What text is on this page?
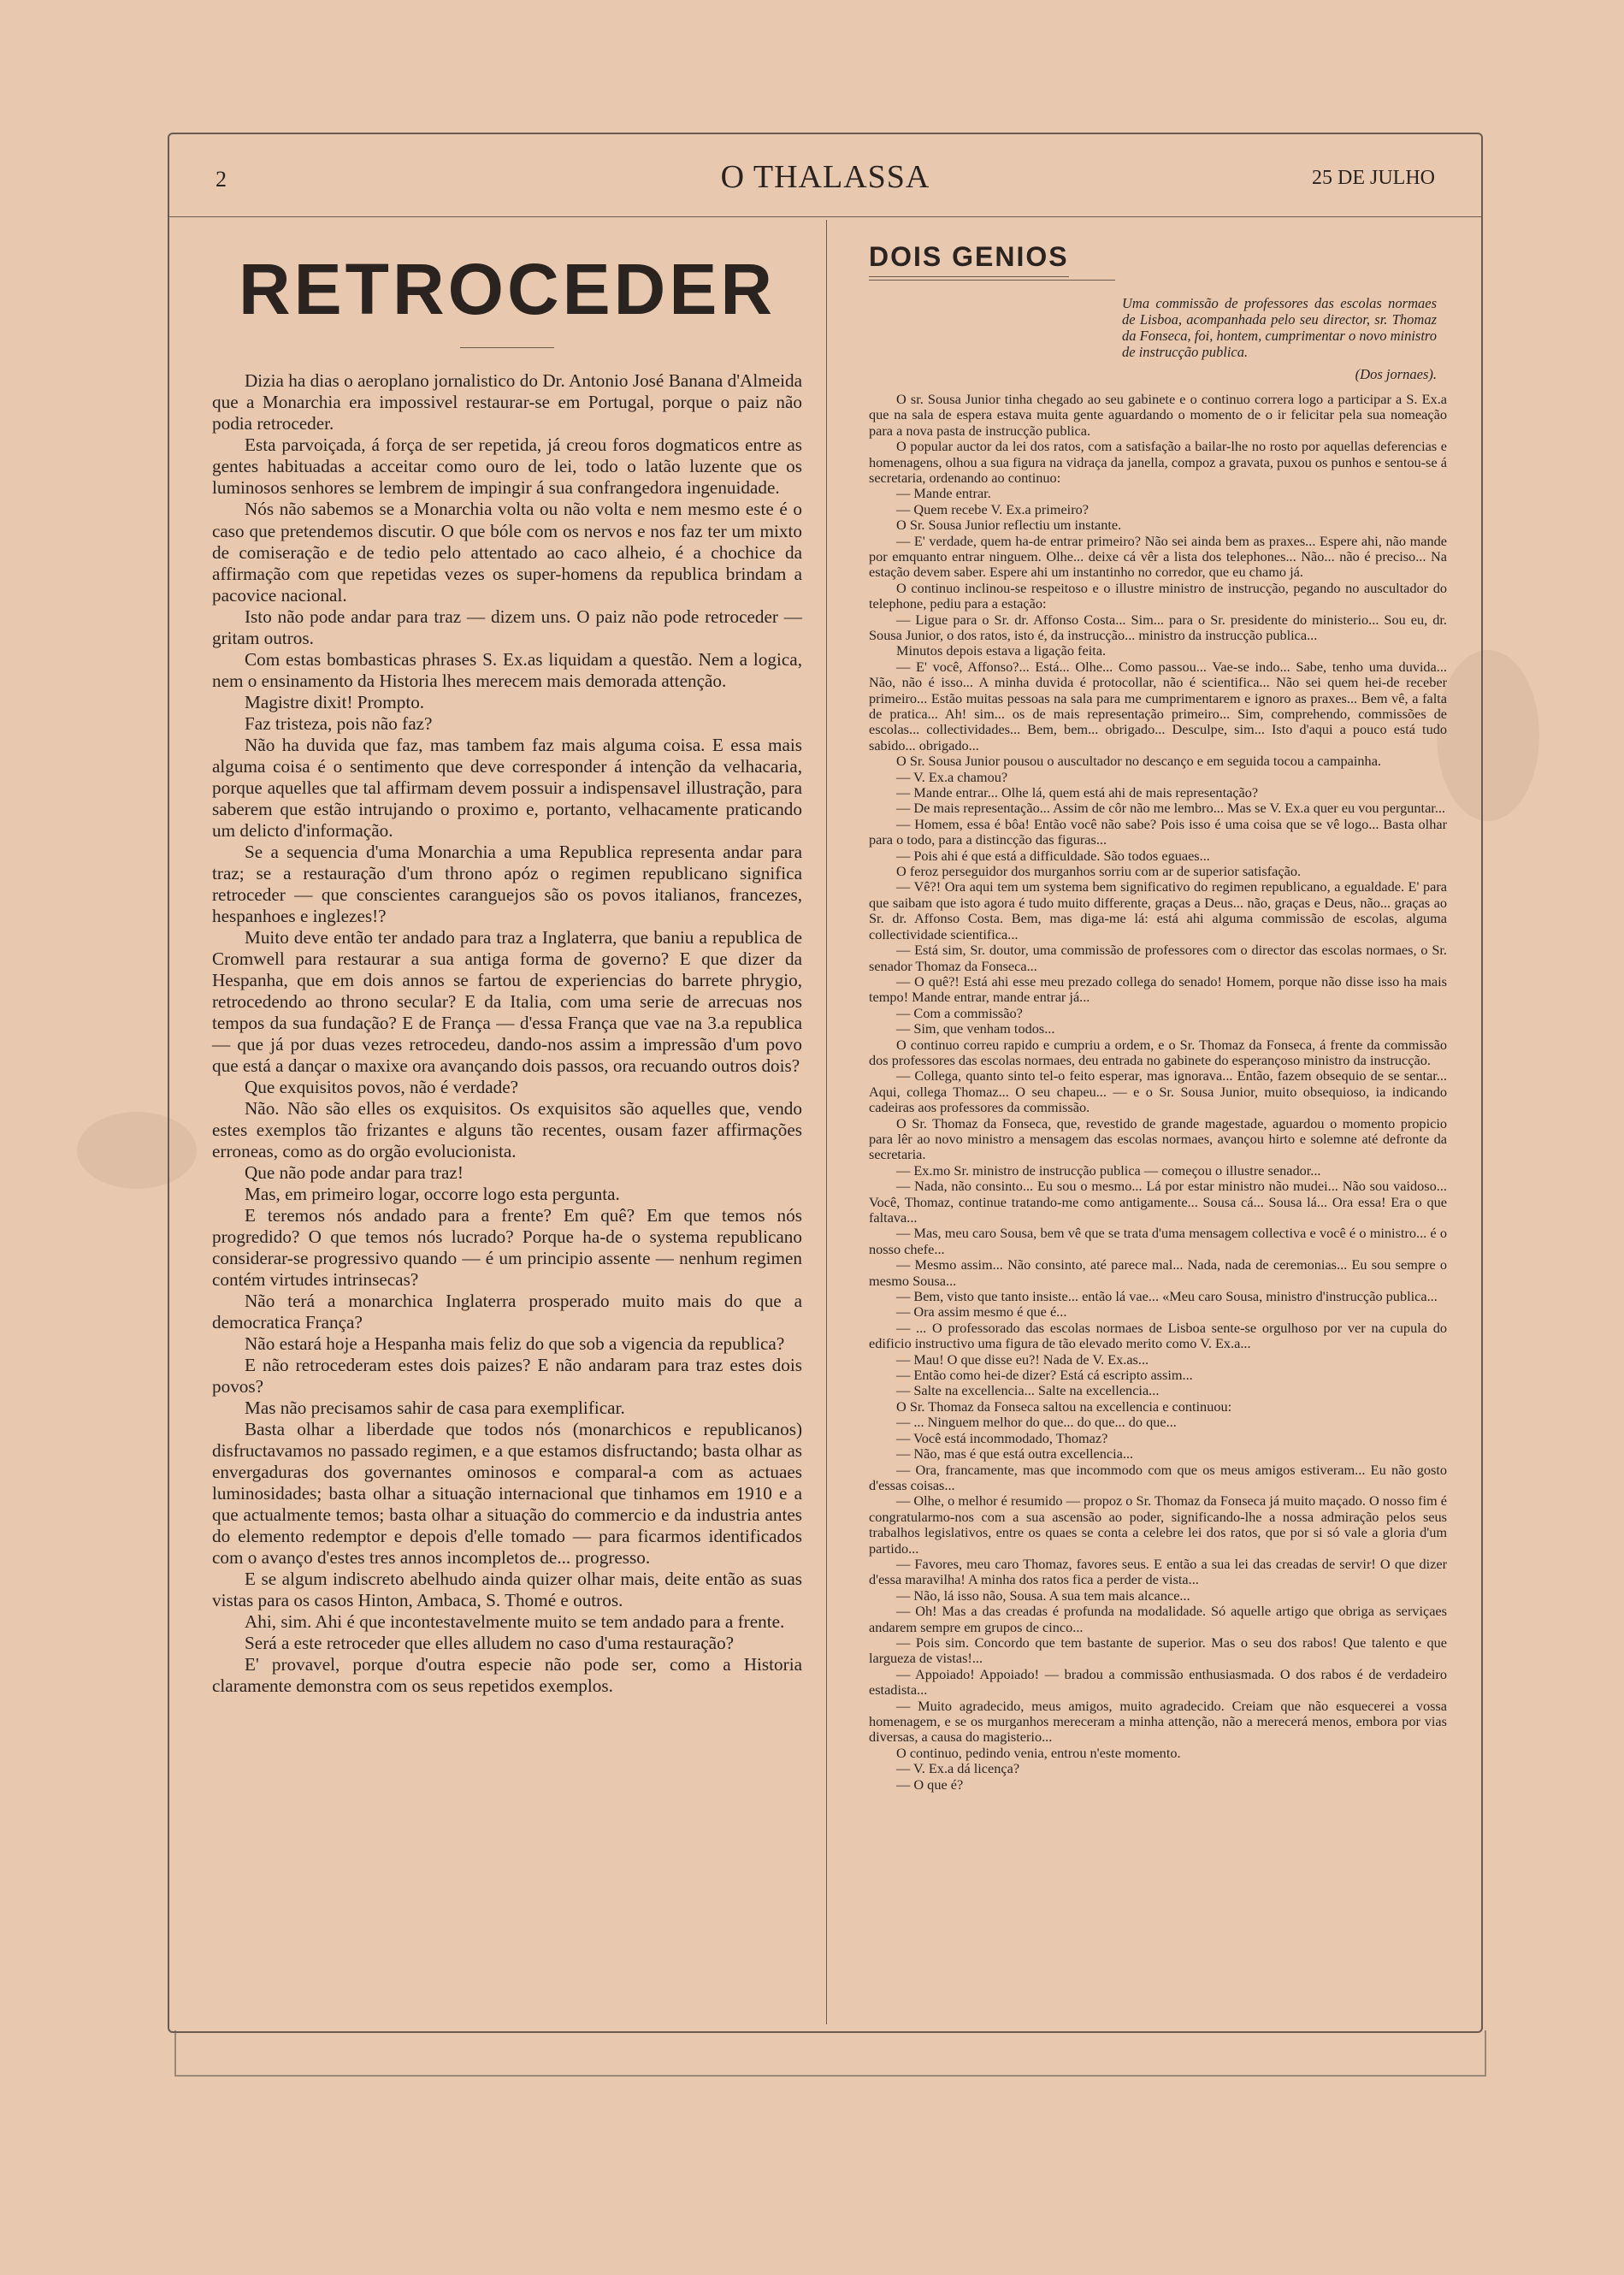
2	O THALASSA	25 DE JULHO
RETROCEDER

Dizia ha dias o aeroplano jornalistico do Dr. Antonio José Banana d'Almeida que a Monarchia era impossivel restaurar-se em Portugal, porque o paiz não podia retroceder.

Esta parvoiçada, á força de ser repetida, já creou foros dogmaticos entre as gentes habituadas a acceitar como ouro de lei, todo o latão luzente que os luminosos senhores se lembrem de impingir á sua confrangedora ingenuidade.

Nós não sabemos se a Monarchia volta ou não volta e nem mesmo este é o caso que pretendemos discutir. O que bóle com os nervos e nos faz ter um mixto de comiseração e de tedio pelo attentado ao caco alheio, é a chochice da affirmação com que repetidas vezes os super-homens da republica brindam a pacovice nacional.

Isto não pode andar para traz — dizem uns. O paiz não pode retroceder — gritam outros.

Com estas bombasticas phrases S. Ex.as liquidam a questão. Nem a logica, nem o ensinamento da Historia lhes merecem mais demorada attenção.

Magistre dixit! Prompto.

Faz tristeza, pois não faz?

Não ha duvida que faz, mas tambem faz mais alguma coisa. E essa mais alguma coisa é o sentimento que deve corresponder á intenção da velhacaria, porque aquelles que tal affirmam devem possuir a indispensavel illustração, para saberem que estão intrujando o proximo e, portanto, velhacamente praticando um delicto d'informação.

Se a sequencia d'uma Monarchia a uma Republica representa andar para traz; se a restauração d'um throno apóz o regimen republicano significa retroceder — que conscientes caranguejos são os povos italianos, francezes, hespanhoes e inglezes!?

Muito deve então ter andado para traz a Inglaterra, que baniu a republica de Cromwell para restaurar a sua antiga forma de governo? E que dizer da Hespanha, que em dois annos se fartou de experiencias do barrete phrygio, retrocedendo ao throno secular? E da Italia, com uma serie de arrecuas nos tempos da sua fundação? E de França — d'essa França que vae na 3.a republica — que já por duas vezes retrocedeu, dando-nos assim a impressão d'um povo que está a dançar o maxixe ora avançando dois passos, ora recuando outros dois?

Que exquisitos povos, não é verdade?

Não. Não são elles os exquisitos. Os exquisitos são aquelles que, vendo estes exemplos tão frizantes e alguns tão recentes, ousam fazer affirmações erroneas, como as do orgão evolucionista.

Que não pode andar para traz!

Mas, em primeiro logar, occorre logo esta pergunta.

E teremos nós andado para a frente? Em quê? Em que temos nós progredido? O que temos nós lucrado? Porque ha-de o systema republicano considerar-se progressivo quando — é um principio assente — nenhum regimen contém virtudes intrinsecas?

Não terá a monarchica Inglaterra prosperado muito mais do que a democratica França?

Não estará hoje a Hespanha mais feliz do que sob a vigencia da republica?

E não retrocederam estes dois paizes? E não andaram para traz estes dois povos?

Mas não precisamos sahir de casa para exemplificar.

Basta olhar a liberdade que todos nós (monarchicos e republicanos) disfructavamos no passado regimen, e a que estamos disfructando; basta olhar as envergaduras dos governantes ominosos e comparal-a com as actuaes luminosidades; basta olhar a situação internacional que tinhamos em 1910 e a que actualmente temos; basta olhar a situação do commercio e da industria antes do elemento redemptor e depois d'elle tomado — para ficarmos identificados com o avanço d'estes tres annos incompletos de... progresso.

E se algum indiscreto abelhudo ainda quizer olhar mais, deite então as suas vistas para os casos Hinton, Ambaca, S. Thomé e outros.

Ahi, sim. Ahi é que incontestavelmente muito se tem andado para a frente.

Será a este retroceder que elles alludem no caso d'uma restauração?

E' provavel, porque d'outra especie não pode ser, como a Historia claramente demonstra com os seus repetidos exemplos.

DOIS GENIOS
Uma commissão de professores das escolas normaes de Lisboa, acompanhada pelo seu director, sr. Thomaz da Fonseca, foi, hontem, cumprimentar o novo ministro de instrucção publica.
(Dos jornaes).

O sr. Sousa Junior tinha chegado ao seu gabinete e o continuo correra logo a participar a S. Ex.a que na sala de espera estava muita gente aguardando o momento de o ir felicitar pela sua nomeação para a nova pasta de instrucção publica.

O popular auctor da lei dos ratos, com a satisfação a bailar-lhe no rosto por aquellas deferencias e homenagens, olhou a sua figura na vidraça da janella, compoz a gravata, puxou os punhos e sentou-se á secretaria, ordenando ao continuo:

— Mande entrar.

— Quem recebe V. Ex.a primeiro?

O Sr. Sousa Junior reflectiu um instante.

— E' verdade, quem ha-de entrar primeiro? Não sei ainda bem as praxes... Espere ahi, não mande por emquanto entrar ninguem. Olhe... deixe cá vêr a lista dos telephones... Não... não é preciso... Na estação devem saber. Espere ahi um instantinho no corredor, que eu chamo já.

O continuo inclinou-se respeitoso e o illustre ministro de instrucção, pegando no auscultador do telephone, pediu para a estação:

— Ligue para o Sr. dr. Affonso Costa... Sim... para o Sr. presidente do ministerio... Sou eu, dr. Sousa Junior, o dos ratos, isto é, da instrucção... ministro da instrucção publica...

Minutos depois estava a ligação feita.

— E' você, Affonso?... Está... Olhe... Como passou... Vae-se indo... Sabe, tenho uma duvida... Não, não é isso... A minha duvida é protocollar, não é scientifica... Não sei quem hei-de receber primeiro... Estão muitas pessoas na sala para me cumprimentarem e ignoro as praxes... Bem vê, a falta de pratica... Ah! sim... os de mais representação primeiro... Sim, comprehendo, commissões de escolas... collectividades... Bem, bem... obrigado... Desculpe, sim... Isto d'aqui a pouco está tudo sabido... obrigado...

O Sr. Sousa Junior pousou o auscultador no descanço e em seguida tocou a campainha.

— V. Ex.a chamou?

— Mande entrar... Olhe lá, quem está ahi de mais representação?

— De mais representação... Assim de côr não me lembro... Mas se V. Ex.a quer eu vou perguntar...

— Homem, essa é bôa! Então você não sabe? Pois isso é uma coisa que se vê logo... Basta olhar para o todo, para a distincção das figuras...

— Pois ahi é que está a difficuldade. São todos eguaes...

O feroz perseguidor dos murganhos sorriu com ar de superior satisfação.

— Vê?! Ora aqui tem um systema bem significativo do regimen republicano, a egualdade. E' para que saibam que isto agora é tudo muito differente, graças a Deus... não, graças e Deus, não... graças ao Sr. dr. Affonso Costa. Bem, mas diga-me lá: está ahi alguma commissão de escolas, alguma collectividade scientifica...

— Está sim, Sr. doutor, uma commissão de professores com o director das escolas normaes, o Sr. senador Thomaz da Fonseca...

— O quê?! Está ahi esse meu prezado collega do senado! Homem, porque não disse isso ha mais tempo! Mande entrar, mande entrar já...

— Com a commissão?

— Sim, que venham todos...

O continuo correu rapido e cumpriu a ordem, e o Sr. Thomaz da Fonseca, á frente da commissão dos professores das escolas normaes, deu entrada no gabinete do esperançoso ministro da instrucção.

— Collega, quanto sinto tel-o feito esperar, mas ignorava... Então, fazem obsequio de se sentar... Aqui, collega Thomaz... O seu chapeu... — e o Sr. Sousa Junior, muito obsequioso, ia indicando cadeiras aos professores da commissão.

O Sr. Thomaz da Fonseca, que, revestido de grande magestade, aguardou o momento propicio para lêr ao novo ministro a mensagem das escolas normaes, avançou hirto e solemne até defronte da secretaria.

— Ex.mo Sr. ministro de instrucção publica — começou o illustre senador...

— Nada, não consinto... Eu sou o mesmo... Lá por estar ministro não mudei... Não sou vaidoso... Você, Thomaz, continue tratando-me como antigamente... Sousa cá... Sousa lá... Ora essa! Era o que faltava...

— Mas, meu caro Sousa, bem vê que se trata d'uma mensagem collectiva e você é o ministro... é o nosso chefe...

— Mesmo assim... Não consinto, até parece mal... Nada, nada de ceremonias... Eu sou sempre o mesmo Sousa...

— Bem, visto que tanto insiste... então lá vae... «Meu caro Sousa, ministro d'instrucção publica...

— Ora assim mesmo é que é...

— ... O professorado das escolas normaes de Lisboa sente-se orgulhoso por ver na cupula do edificio instructivo uma figura de tão elevado merito como V. Ex.a...

— Mau! O que disse eu?! Nada de V. Ex.as...

— Então como hei-de dizer? Está cá escripto assim...

— Salte na excellencia... Salte na excellencia...

O Sr. Thomaz da Fonseca saltou na excellencia e continuou:

— ... Ninguem melhor do que... do que... do que...

— Você está incommodado, Thomaz?

— Não, mas é que está outra excellencia...

— Ora, francamente, mas que incommodo com que os meus amigos estiveram... Eu não gosto d'essas coisas...

— Olhe, o melhor é resumido — propoz o Sr. Thomaz da Fonseca já muito maçado. O nosso fim é congratularmo-nos com a sua ascensão ao poder, significando-lhe a nossa admiração pelos seus trabalhos legislativos, entre os quaes se conta a celebre lei dos ratos, que por si só vale a gloria d'um partido...

— Favores, meu caro Thomaz, favores seus. E então a sua lei das creadas de servir! O que dizer d'essa maravilha! A minha dos ratos fica a perder de vista...

— Não, lá isso não, Sousa. A sua tem mais alcance...

— Oh! Mas a das creadas é profunda na modalidade. Só aquelle artigo que obriga as serviçaes andarem sempre em grupos de cinco...

— Pois sim. Concordo que tem bastante de superior. Mas o seu dos rabos! Que talento e que largueza de vistas!...

— Appoiado! Appoiado! — bradou a commissão enthusiasmada. O dos rabos é de verdadeiro estadista...

— Muito agradecido, meus amigos, muito agradecido. Creiam que não esquecerei a vossa homenagem, e se os murganhos mereceram a minha attenção, não a merecerá menos, embora por vias diversas, a causa do magisterio...

O continuo, pedindo venia, entrou n'este momento.

— V. Ex.a dá licença?

— O que é?
